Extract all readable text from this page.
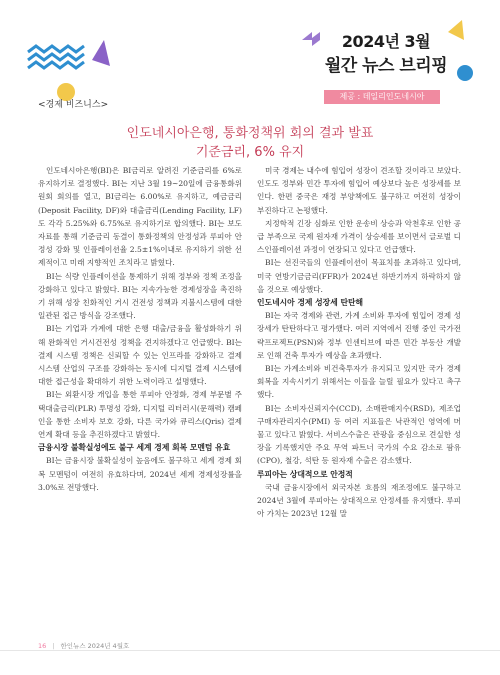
2024년 3월
월간 뉴스 브리핑
제공 : 데일리인도네시아
<경제 비즈니스>
인도네시아은행, 통화정책위 회의 결과 발표
기준금리, 6% 유지

인도네시아은행(BI)은 BI금리로 알려진 기준금리를 6%로 유지하기로 결정했다. BI는 지난 3월 19~20일에 금융통화위원회 회의를 열고, BI금리는 6.00%로 유지하고, 예금금리(Deposit Facility, DF)와 대출금리(Lending Facility, LF)도 각각 5.25%와 6.75%로 유지하기로 합의했다. BI는 보도자료를 통해 기준금리 동결이 통화정책의 안정성과 루피아 안정성 강화 및 인플레이션율 2.5±1%이내로 유지하기 위한 선제적이고 미래 지향적인 조치라고 밝혔다.

BI는 식량 인플레이션을 통제하기 위해 정부와 정책 조정을 강화하고 있다고 밝혔다. BI는 지속가능한 경제성장을 촉진하기 위해 성장 친화적인 거시 건전성 정책과 지불시스템에 대한 일관된 접근 방식을 강조했다.

BI는 기업과 가계에 대한 은행 대출/금융을 활성화하기 위해 완화적인 거시건전성 정책을 견지하겠다고 언급했다. BI는 결제 시스템 정책은 신뢰할 수 있는 인프라를 강화하고 결제 시스템 산업의 구조를 강화하는 동시에 디지털 결제 시스템에 대한 접근성을 확대하기 위한 노력이라고 설명했다.

BI는 외환시장 개입을 통한 루피아 안정화, 경제 부문별 주택대출금리(PLR) 투명성 강화, 디지털 리터러시(문해력) 캠페인을 통한 소비자 보호 강화, 다른 국가와 큐리스(Qris) 결제 연계 확대 등을 추진하겠다고 밝혔다.

금융시장 불확실성에도 불구 세계 경제 회복 모멘텀 유효

BI는 금융시장 불확실성이 높음에도 불구하고 세계 경제 회복 모멘텀이 여전히 유효하다며, 2024년 세계 경제성장률을 3.0%로 전망했다.

미국 경제는 내수에 힘입어 성장이 견조할 것이라고 보았다. 인도도 정부와 민간 투자에 힘입어 예상보다 높은 성장세를 보인다. 한편 중국은 재정 부양책에도 불구하고 여전히 성장이 부진하다고 논평했다.

지정학적 긴장 심화로 인한 운송비 상승과 악천후로 인한 공급 부족으로 국제 원자재 가격이 상승세를 보이면서 글로벌 디스인플레이션 과정이 연장되고 있다고 언급했다.

BI는 선진국들의 인플레이션이 목표치를 초과하고 있다며, 미국 연방기금금리(FFR)가 2024년 하반기까지 하락하지 않을 것으로 예상했다.

인도네시아 경제 성장세 탄탄해

BI는 자국 경제와 관련, 가계 소비와 투자에 힘입어 경제 성장세가 탄탄하다고 평가했다. 여러 지역에서 진행 중인 국가전략프로젝트(PSN)와 정부 인센티브에 따른 민간 부동산 개발로 인해 건축 투자가 예상을 초과했다.

BI는 가계소비와 비건축투자가 유지되고 있지만 국가 경제 회복을 지속시키기 위해서는 이들을 늘릴 필요가 있다고 촉구했다.

BI는 소비자신뢰지수(CCD), 소매판매지수(RSD), 제조업 구매자관리지수(PMI) 등 여러 지표들은 낙관적인 영역에 머물고 있다고 밝혔다. 서비스수출은 관광을 중심으로 견실한 성장을 기록했지만 주요 무역 파트너 국가의 수요 감소로 팜유(CPO), 철강, 석탄 등 원자재 수출은 감소했다.

루피아는 상대적으로 안정적

국내 금융시장에서 외국자본 흐름의 재조정에도 불구하고 2024년 3월에 루피아는 상대적으로 안정세를 유지했다. 루피아 가치는 2023년 12월 말

16 | 한인뉴스 2024년 4월호
